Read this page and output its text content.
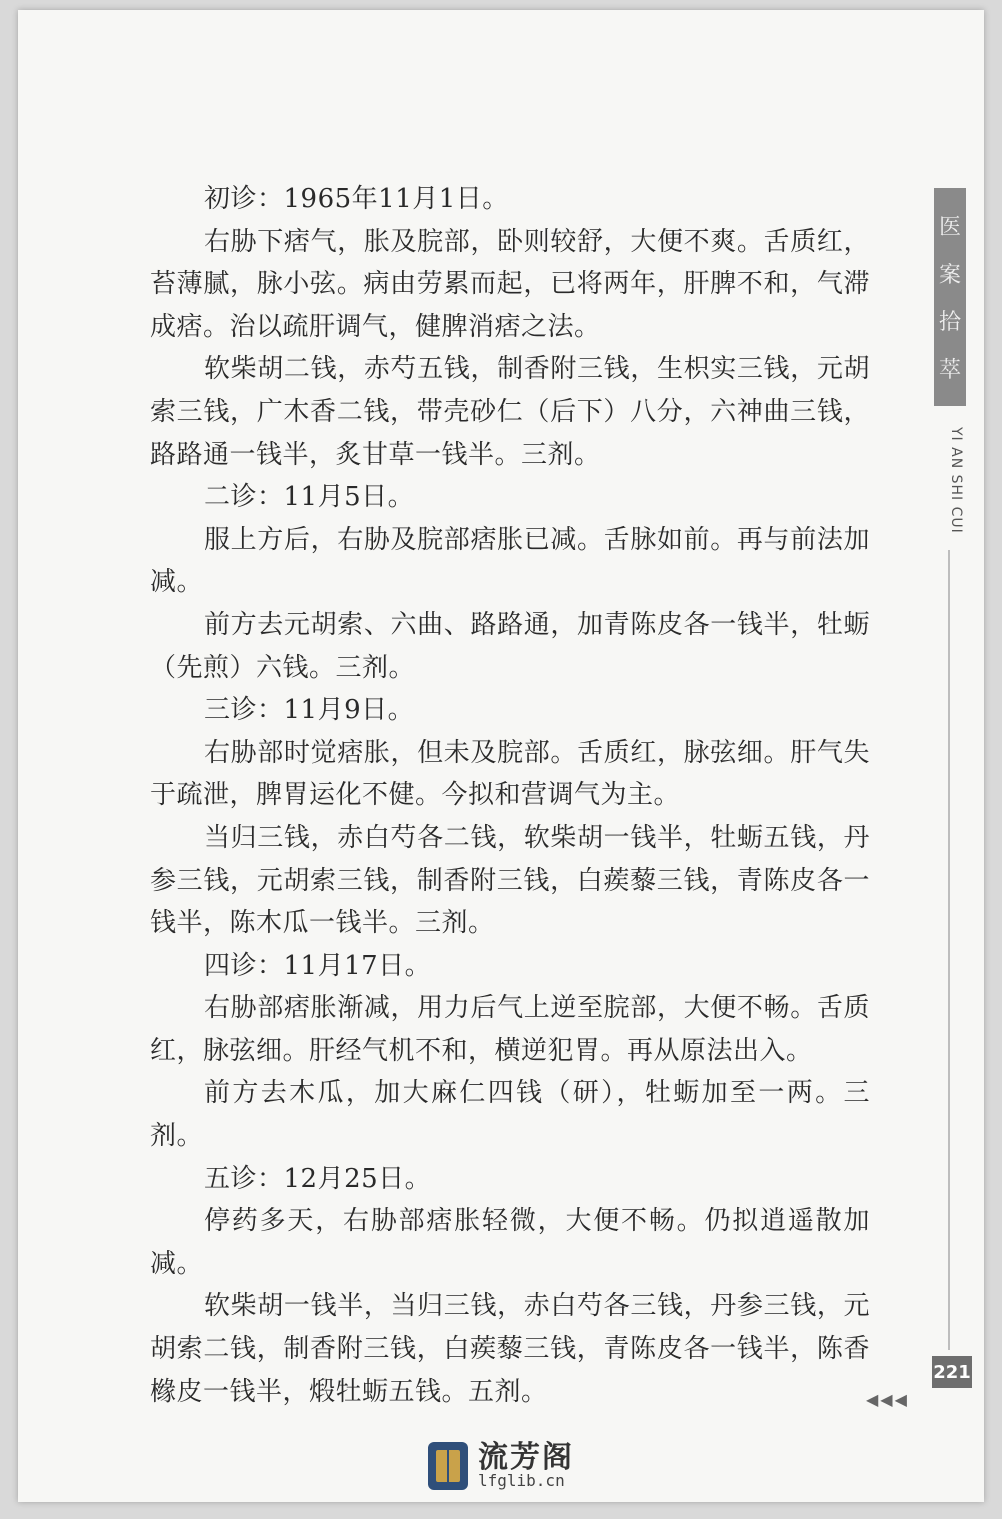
初诊：1965年11月1日。

右胁下痞气，胀及脘部，卧则较舒，大便不爽。舌质红，苔薄腻，脉小弦。病由劳累而起，已将两年，肝脾不和，气滞成痞。治以疏肝调气，健脾消痞之法。

软柴胡二钱，赤芍五钱，制香附三钱，生枳实三钱，元胡索三钱，广木香二钱，带壳砂仁（后下）八分，六神曲三钱，路路通一钱半，炙甘草一钱半。三剂。

二诊：11月5日。

服上方后，右胁及脘部痞胀已减。舌脉如前。再与前法加减。

前方去元胡索、六曲、路路通，加青陈皮各一钱半，牡蛎（先煎）六钱。三剂。

三诊：11月9日。

右胁部时觉痞胀，但未及脘部。舌质红，脉弦细。肝气失于疏泄，脾胃运化不健。今拟和营调气为主。

当归三钱，赤白芍各二钱，软柴胡一钱半，牡蛎五钱，丹参三钱，元胡索三钱，制香附三钱，白蒺藜三钱，青陈皮各一钱半，陈木瓜一钱半。三剂。

四诊：11月17日。

右胁部痞胀渐减，用力后气上逆至脘部，大便不畅。舌质红，脉弦细。肝经气机不和，横逆犯胃。再从原法出入。

前方去木瓜，加大麻仁四钱（研），牡蛎加至一两。三剂。

五诊：12月25日。

停药多天，右胁部痞胀轻微，大便不畅。仍拟逍遥散加减。

软柴胡一钱半，当归三钱，赤白芍各三钱，丹参三钱，元胡索二钱，制香附三钱，白蒺藜三钱，青陈皮各一钱半，陈香橼皮一钱半，煅牡蛎五钱。五剂。

医
案
拾
萃
YI AN SHI CUI
221
◀◀◀
流芳阁
lfglib.cn
